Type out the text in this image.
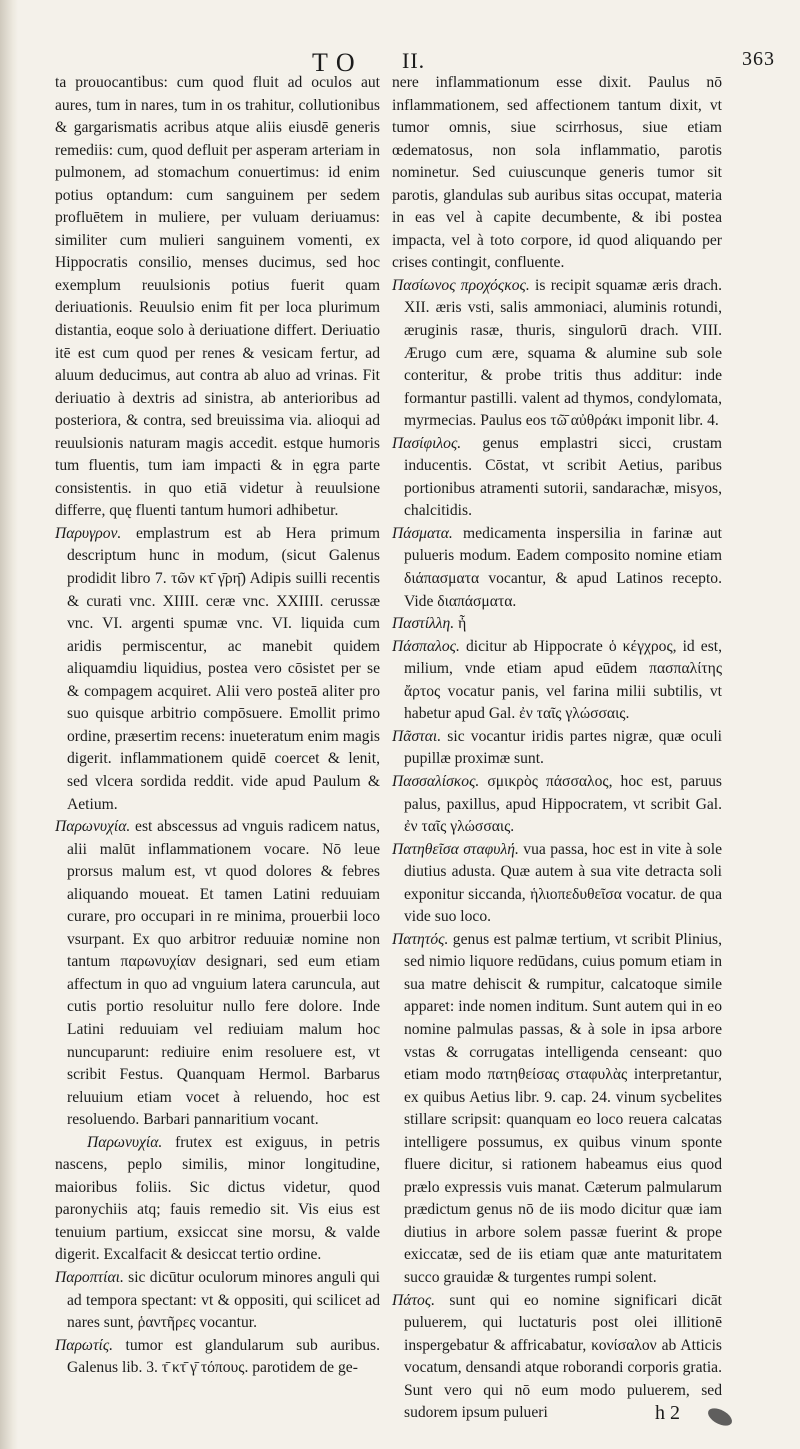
T O II.	363

ta prouocantibus: cum quod fluit ad oculos aut aures, tum in nares, tum in os trahitur, collutionibus & gargarismatis acribus atque aliis eiusdē generis remediis: cum, quod defluit per asperam arteriam in pulmonem, ad stomachum conuertimus: id enim potius optandum: cum sanguinem per sedem profluētem in muliere, per vuluam deriuamus: similiter cum mulieri sanguinem vomenti, ex Hippocratis consilio, menses ducimus, sed hoc exemplum reuulsionis potius fuerit quam deriuationis. Reuulsio enim fit per loca plurimum distantia, eoque solo à deriuatione differt. Deriuatio itē est cum quod per renes & vesicam fertur, ad aluum deducimus, aut contra ab aluo ad vrinas. Fit deriuatio à dextris ad sinistra, ab anterioribus ad posteriora, & contra, sed breuissima via. alioqui ad reuulsionis naturam magis accedit. estque humoris tum fluentis, tum iam impacti & in ęgra parte consistentis. in quo etiā videtur à reuulsione differre, quę fluenti tantum humori adhibetur.

Παρυγρον. emplastrum est ab Hera primum descriptum hunc in modum, (sicut Galenus prodidit libro 7. τῶν κτ̄ γ̄ρη̄) Adipis suilli recentis & curati vnc. XIIII. ceræ vnc. XXIIII. cerussæ vnc. VI. argenti spumæ vnc. VI. liquida cum aridis permiscentur, ac manebit quidem aliquamdiu liquidius, postea vero cōsistet per se & compagem acquiret. Alii vero posteā aliter pro suo quisque arbitrio compōsuere. Emollit primo ordine, præsertim recens: inueteratum enim magis digerit. inflammationem quidē coercet & lenit, sed vlcera sordida reddit. vide apud Paulum & Aetium.

Παρωνυχία. est abscessus ad vnguis radicem natus, alii malūt inflammationem vocare. Nō leue prorsus malum est, vt quod dolores & febres aliquando moueat. Et tamen Latini reduuiam curare, pro occupari in re minima, prouerbii loco vsurpant. Ex quo arbitror reduuiæ nomine non tantum παρωνυχίαν designari, sed eum etiam affectum in quo ad vnguium latera caruncula, aut cutis portio resoluitur nullo fere dolore. Inde Latini reduuiam vel rediuiam malum hoc nuncuparunt: rediuire enim resoluere est, vt scribit Festus. Quanquam Hermol. Barbarus reluuium etiam vocet à reluendo, hoc est resoluendo. Barbari pannaritium vocant.

Παρωνυχία. frutex est exiguus, in petris nascens, peplo similis, minor longitudine, maioribus foliis. Sic dictus videtur, quod paronychiis atq; fauis remedio sit. Vis eius est tenuium partium, exsiccat sine morsu, & valde digerit. Excalfacit & desiccat tertio ordine.

Παροπτίαι. sic dicūtur oculorum minores anguli qui ad tempora spectant: vt & oppositi, qui scilicet ad nares sunt, ῥαντῆρες vocantur.

Παρωτίς. tumor est glandularum sub auribus. Galenus lib. 3. τ̄ κτ̄ γ̄ τόπους. parotidem de ge-

nere inflammationum esse dixit. Paulus nō inflammationem, sed affectionem tantum dixit, vt tumor omnis, siue scirrhosus, siue etiam œdematosus, non sola inflammatio, parotis nominetur. Sed cuiuscunque generis tumor sit parotis, glandulas sub auribus sitas occupat, materia in eas vel à capite decumbente, & ibi postea impacta, vel à toto corpore, id quod aliquando per crises contingit, confluente.

Πασίωνος προχόςκος. is recipit squamæ æris drach. XII. æris vsti, salis ammoniaci, aluminis rotundi, æruginis rasæ, thuris, singulorū drach. VIII. Ærugo cum ære, squama & alumine sub sole conteritur, & probe tritis thus additur: inde formantur pastilli. valent ad thymos, condylomata, myrmecias. Paulus eos τῶ̄ αὐθράκι imponit libr. 4.

Πασίφιλος. genus emplastri sicci, crustam inducentis. Cōstat, vt scribit Aetius, paribus portionibus atramenti sutorii, sandarachæ, misyos, chalcitidis.

Πάσματα. medicamenta inspersilia in farinæ aut pulueris modum. Eadem composito nomine etiam διάπασματα vocantur, & apud Latinos recepto. Vide διαπάσματα.

Παστίλλη. ἦ

Πάσπαλος. dicitur ab Hippocrate ὁ κέγχρος, id est, milium, vnde etiam apud eūdem πασπαλίτης ἄρτος vocatur panis, vel farina milii subtilis, vt habetur apud Gal. ἐν ταῖς γλώσσαις.

Πᾶσται. sic vocantur iridis partes nigræ, quæ oculi pupillæ proximæ sunt.

Πασσαλίσκος. σμικρὸς πάσσαλος, hoc est, paruus palus, paxillus, apud Hippocratem, vt scribit Gal. ἐν ταῖς γλώσσαις.

Πατηθεῖσα σταφυλή. vua passa, hoc est in vite à sole diutius adusta. Quæ autem à sua vite detracta soli exponitur siccanda, ἡλιοπεδυθεῖσα vocatur. de qua vide suo loco.

Πατητός. genus est palmæ tertium, vt scribit Plinius, sed nimio liquore redūdans, cuius pomum etiam in sua matre dehiscit & rumpitur, calcatoque simile apparet: inde nomen inditum. Sunt autem qui in eo nomine palmulas passas, & à sole in ipsa arbore vstas & corrugatas intelligenda censeant: quo etiam modo πατηθείσας σταφυλὰς interpretantur, ex quibus Aetius libr. 9. cap. 24. vinum sycbelites stillare scripsit: quanquam eo loco reuera calcatas intelligere possumus, ex quibus vinum sponte fluere dicitur, si rationem habeamus eius quod prælo expressis vuis manat. Cæterum palmularum prædictum genus nō de iis modo dicitur quæ iam diutius in arbore solem passæ fuerint & prope exiccatæ, sed de iis etiam quæ ante maturitatem succo grauidæ & turgentes rumpi solent.

Πάτος. sunt qui eo nomine significari dicāt puluerem, qui luctaturis post olei illitionē inspergebatur & affricabatur, κονίσαλον ab Atticis vocatum, densandi atque roborandi corporis gratia. Sunt vero qui nō eum modo puluerem, sed sudorem ipsum pulueri	h 2
